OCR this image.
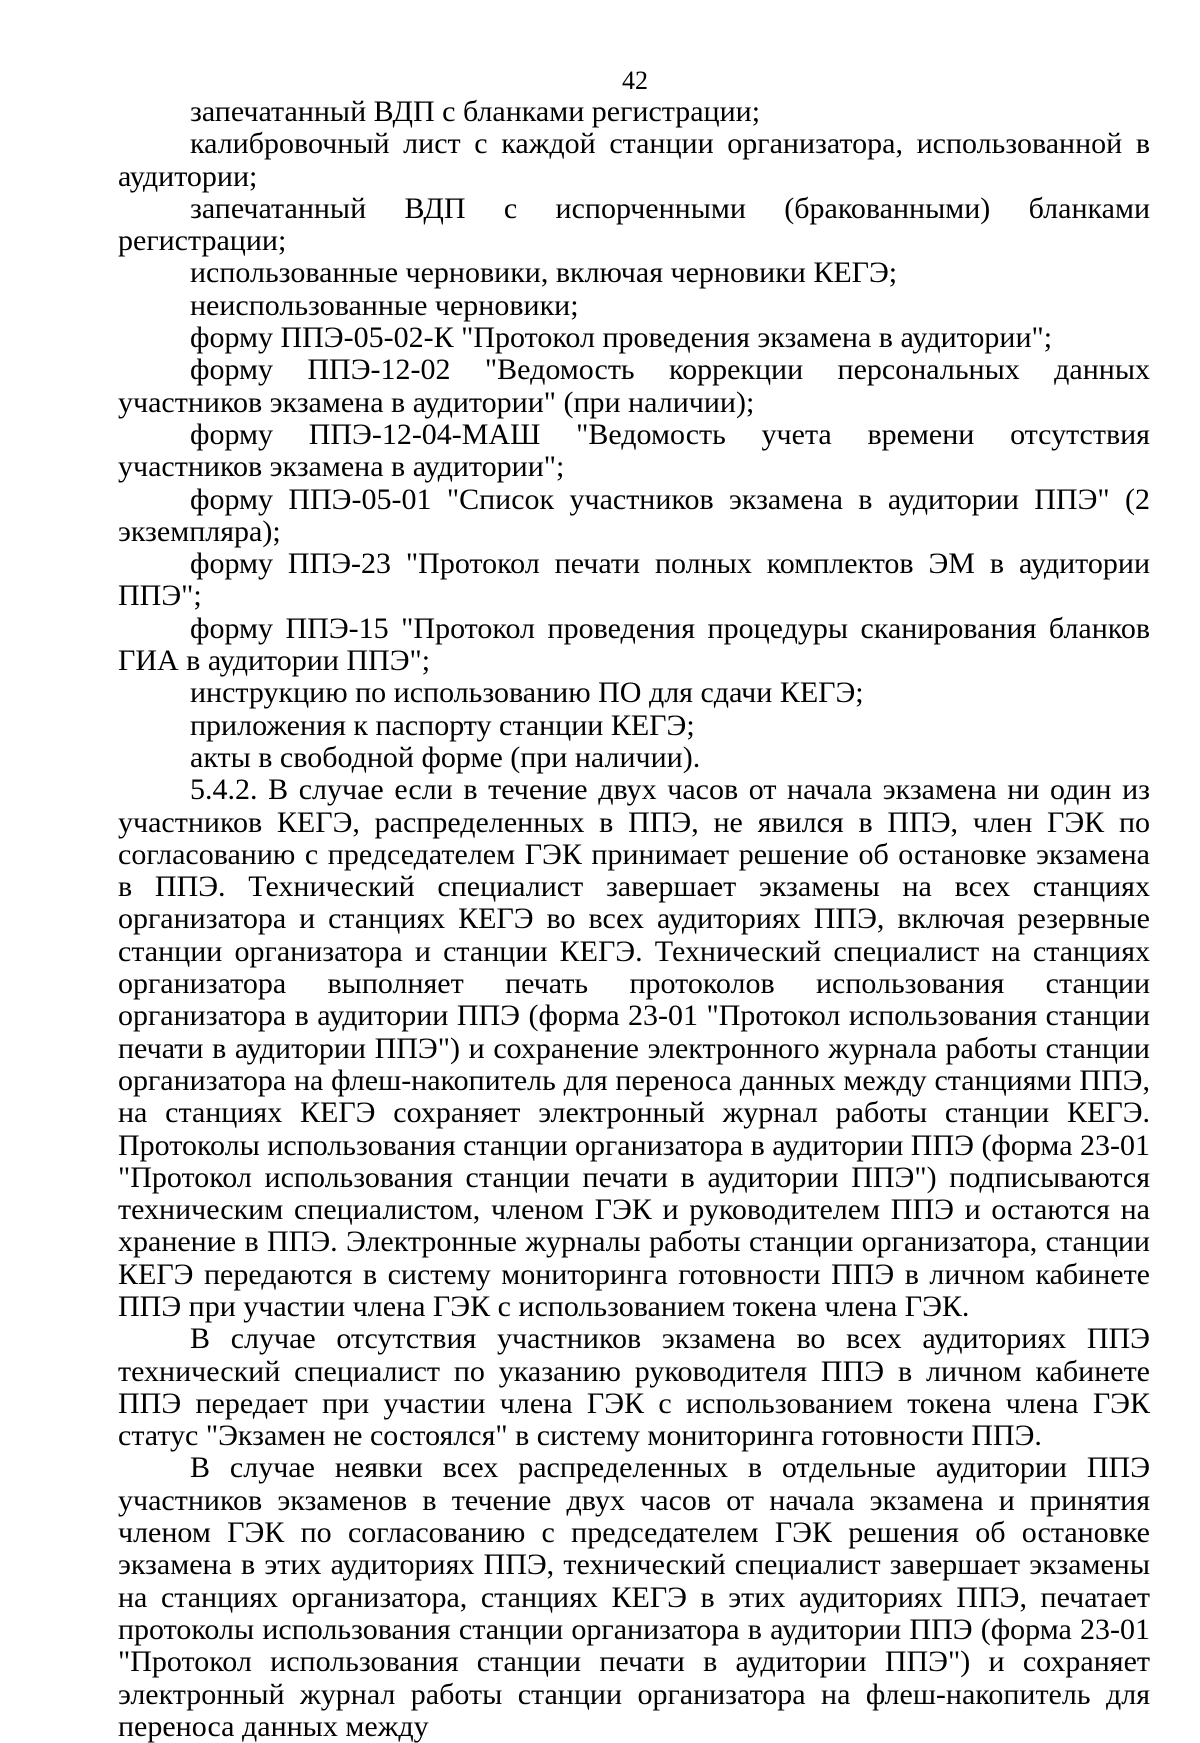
42

запечатанный ВДП с бланками регистрации;

калибровочный лист с каждой станции организатора, использованной в аудитории;

запечатанный ВДП с испорченными (бракованными) бланками регистрации;

использованные черновики, включая черновики КЕГЭ;

неиспользованные черновики;

форму ППЭ-05-02-К "Протокол проведения экзамена в аудитории";

форму ППЭ-12-02 "Ведомость коррекции персональных данных участников экзамена в аудитории" (при наличии);

форму ППЭ-12-04-МАШ "Ведомость учета времени отсутствия участников экзамена в аудитории";

форму ППЭ-05-01 "Список участников экзамена в аудитории ППЭ" (2 экземпляра);

форму ППЭ-23 "Протокол печати полных комплектов ЭМ в аудитории ППЭ";

форму ППЭ-15 "Протокол проведения процедуры сканирования бланков ГИА в аудитории ППЭ";

инструкцию по использованию ПО для сдачи КЕГЭ;

приложения к паспорту станции КЕГЭ;

акты в свободной форме (при наличии).

5.4.2. В случае если в течение двух часов от начала экзамена ни один из участников КЕГЭ, распределенных в ППЭ, не явился в ППЭ, член ГЭК по согласованию с председателем ГЭК принимает решение об остановке экзамена в ППЭ. Технический специалист завершает экзамены на всех станциях организатора и станциях КЕГЭ во всех аудиториях ППЭ, включая резервные станции организатора и станции КЕГЭ. Технический специалист на станциях организатора выполняет печать протоколов использования станции организатора в аудитории ППЭ (форма 23-01 "Протокол использования станции печати в аудитории ППЭ") и сохранение электронного журнала работы станции организатора на флеш-накопитель для переноса данных между станциями ППЭ, на станциях КЕГЭ сохраняет электронный журнал работы станции КЕГЭ. Протоколы использования станции организатора в аудитории ППЭ (форма 23-01 "Протокол использования станции печати в аудитории ППЭ") подписываются техническим специалистом, членом ГЭК и руководителем ППЭ и остаются на хранение в ППЭ. Электронные журналы работы станции организатора, станции КЕГЭ передаются в систему мониторинга готовности ППЭ в личном кабинете ППЭ при участии члена ГЭК с использованием токена члена ГЭК.

В случае отсутствия участников экзамена во всех аудиториях ППЭ технический специалист по указанию руководителя ППЭ в личном кабинете ППЭ передает при участии члена ГЭК с использованием токена члена ГЭК статус "Экзамен не состоялся" в систему мониторинга готовности ППЭ.

В случае неявки всех распределенных в отдельные аудитории ППЭ участников экзаменов в течение двух часов от начала экзамена и принятия членом ГЭК по согласованию с председателем ГЭК решения об остановке экзамена в этих аудиториях ППЭ, технический специалист завершает экзамены на станциях организатора, станциях КЕГЭ в этих аудиториях ППЭ, печатает протоколы использования станции организатора в аудитории ППЭ (форма 23-01 "Протокол использования станции печати в аудитории ППЭ") и сохраняет электронный журнал работы станции организатора на флеш-накопитель для переноса данных между
